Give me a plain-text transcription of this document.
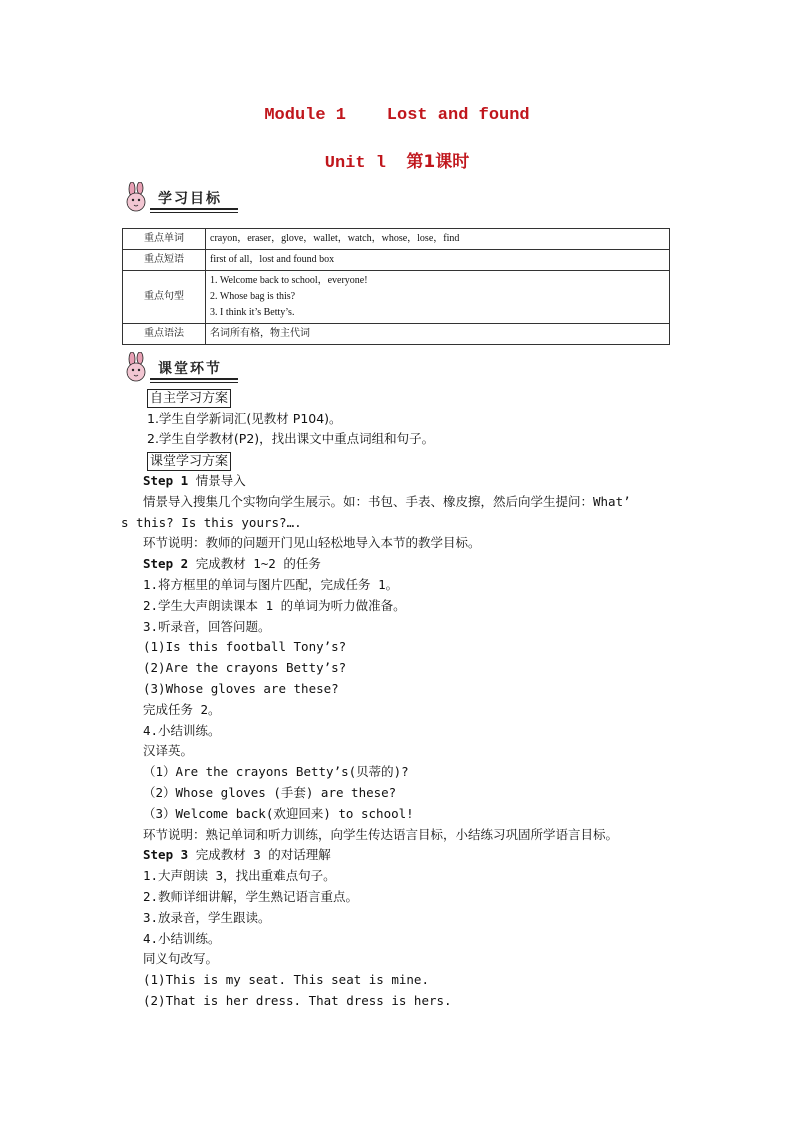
Module 1 Lost and found
Unit l 第1课时
学习目标
重点单词	crayon，eraser，glove，wallet，watch，whose，lose，find
重点短语	first of all，lost and found box
重点句型	1. Welcome back to school，everyone!
2. Whose bag is this?
3. I think it’s Betty’s.

重点语法	名词所有格，物主代词
课堂环节
自主学习方案
1.学生自学新词汇(见教材 P104)。
2.学生自学教材(P2)，找出课文中重点词组和句子。
课堂学习方案
Step 1 情景导入
情景导入搜集几个实物向学生展示。如：书包、手表、橡皮擦，然后向学生提问：What’
s this? Is this yours?….
环节说明：教师的问题开门见山轻松地导入本节的教学目标。
Step 2 完成教材 1~2 的任务
1.将方框里的单词与图片匹配，完成任务 1。
2.学生大声朗读课本 1 的单词为听力做准备。
3.听录音，回答问题。
(1)Is this football Tony’s?
(2)Are the crayons Betty’s?
(3)Whose gloves are these?
完成任务 2。
4.小结训练。
汉译英。
（1）Are the crayons Betty’s(贝蒂的)?
（2）Whose gloves (手套) are these?
（3）Welcome back(欢迎回来) to school!
环节说明：熟记单词和听力训练，向学生传达语言目标，小结练习巩固所学语言目标。
Step 3 完成教材 3 的对话理解
1.大声朗读 3，找出重难点句子。
2.教师详细讲解，学生熟记语言重点。
3.放录音，学生跟读。
4.小结训练。
同义句改写。
(1)This is my seat. This seat is mine.
(2)That is her dress. That dress is hers.
